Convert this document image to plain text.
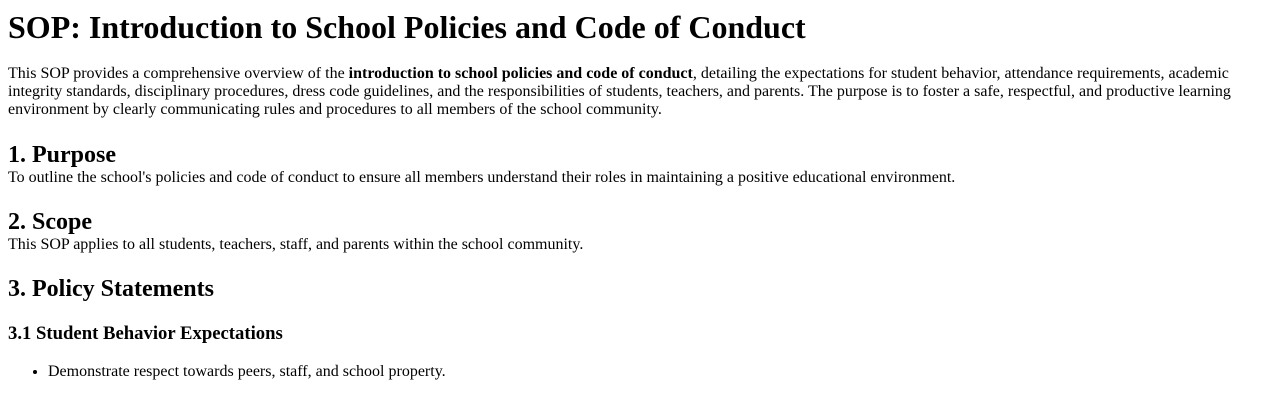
SOP: Introduction to School Policies and Code of Conduct

This SOP provides a comprehensive overview of the introduction to school policies and code of conduct, detailing the expectations for student behavior, attendance requirements, academic integrity standards, disciplinary procedures, dress code guidelines, and the responsibilities of students, teachers, and parents. The purpose is to foster a safe, respectful, and productive learning environment by clearly communicating rules and procedures to all members of the school community.

1. Purpose

To outline the school's policies and code of conduct to ensure all members understand their roles in maintaining a positive educational environment.

2. Scope

This SOP applies to all students, teachers, staff, and parents within the school community.

3. Policy Statements
3.1 Student Behavior Expectations
• Demonstrate respect towards peers, staff, and school property.
